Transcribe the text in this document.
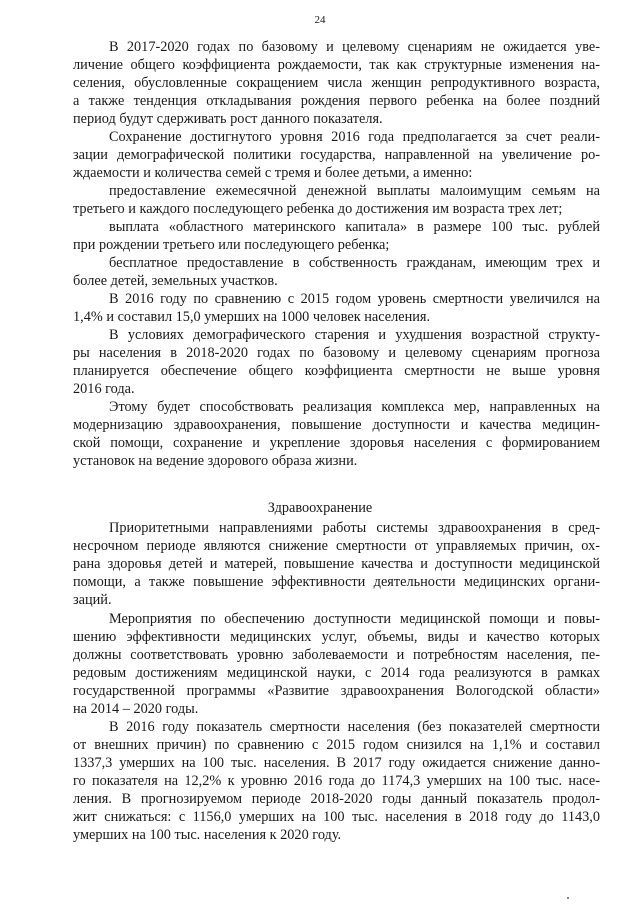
24
В 2017-2020 годах по базовому и целевому сценариям не ожидается уве-
личение общего коэффициента рождаемости, так как структурные изменения на-
селения, обусловленные сокращением числа женщин репродуктивного возраста,
а также тенденция откладывания рождения первого ребенка на более поздний
период будут сдерживать рост данного показателя.
Сохранение достигнутого уровня 2016 года предполагается за счет реали-
зации демографической политики государства, направленной на увеличение ро-
ждаемости и количества семей с тремя и более детьми, а именно:
предоставление ежемесячной денежной выплаты малоимущим семьям на
третьего и каждого последующего ребенка до достижения им возраста трех лет;
выплата «областного материнского капитала» в размере 100 тыс. рублей
при рождении третьего или последующего ребенка;
бесплатное предоставление в собственность гражданам, имеющим трех и
более детей, земельных участков.
В 2016 году по сравнению с 2015 годом уровень смертности увеличился на
1,4% и составил 15,0 умерших на 1000 человек населения.
В условиях демографического старения и ухудшения возрастной структу-
ры населения в 2018-2020 годах по базовому и целевому сценариям прогноза
планируется обеспечение общего коэффициента смертности не выше уровня
2016 года.
Этому будет способствовать реализация комплекса мер, направленных на
модернизацию здравоохранения, повышение доступности и качества медицин-
ской помощи, сохранение и укрепление здоровья населения с формированием
установок на ведение здорового образа жизни.
Здравоохранение
Приоритетными направлениями работы системы здравоохранения в сред-
несрочном периоде являются снижение смертности от управляемых причин, ох-
рана здоровья детей и матерей, повышение качества и доступности медицинской
помощи, а также повышение эффективности деятельности медицинских органи-
заций.
Мероприятия по обеспечению доступности медицинской помощи и повы-
шению эффективности медицинских услуг, объемы, виды и качество которых
должны соответствовать уровню заболеваемости и потребностям населения, пе-
редовым достижениям медицинской науки, с 2014 года реализуются в рамках
государственной программы «Развитие здравоохранения Вологодской области»
на 2014 – 2020 годы.
В 2016 году показатель смертности населения (без показателей смертности
от внешних причин) по сравнению с 2015 годом снизился на 1,1% и составил
1337,3 умерших на 100 тыс. населения. В 2017 году ожидается снижение данно-
го показателя на 12,2% к уровню 2016 года до 1174,3 умерших на 100 тыс. насе-
ления. В прогнозируемом периоде 2018-2020 годы данный показатель продол-
жит снижаться: с 1156,0 умерших на 100 тыс. населения в 2018 году до 1143,0
умерших на 100 тыс. населения к 2020 году.
